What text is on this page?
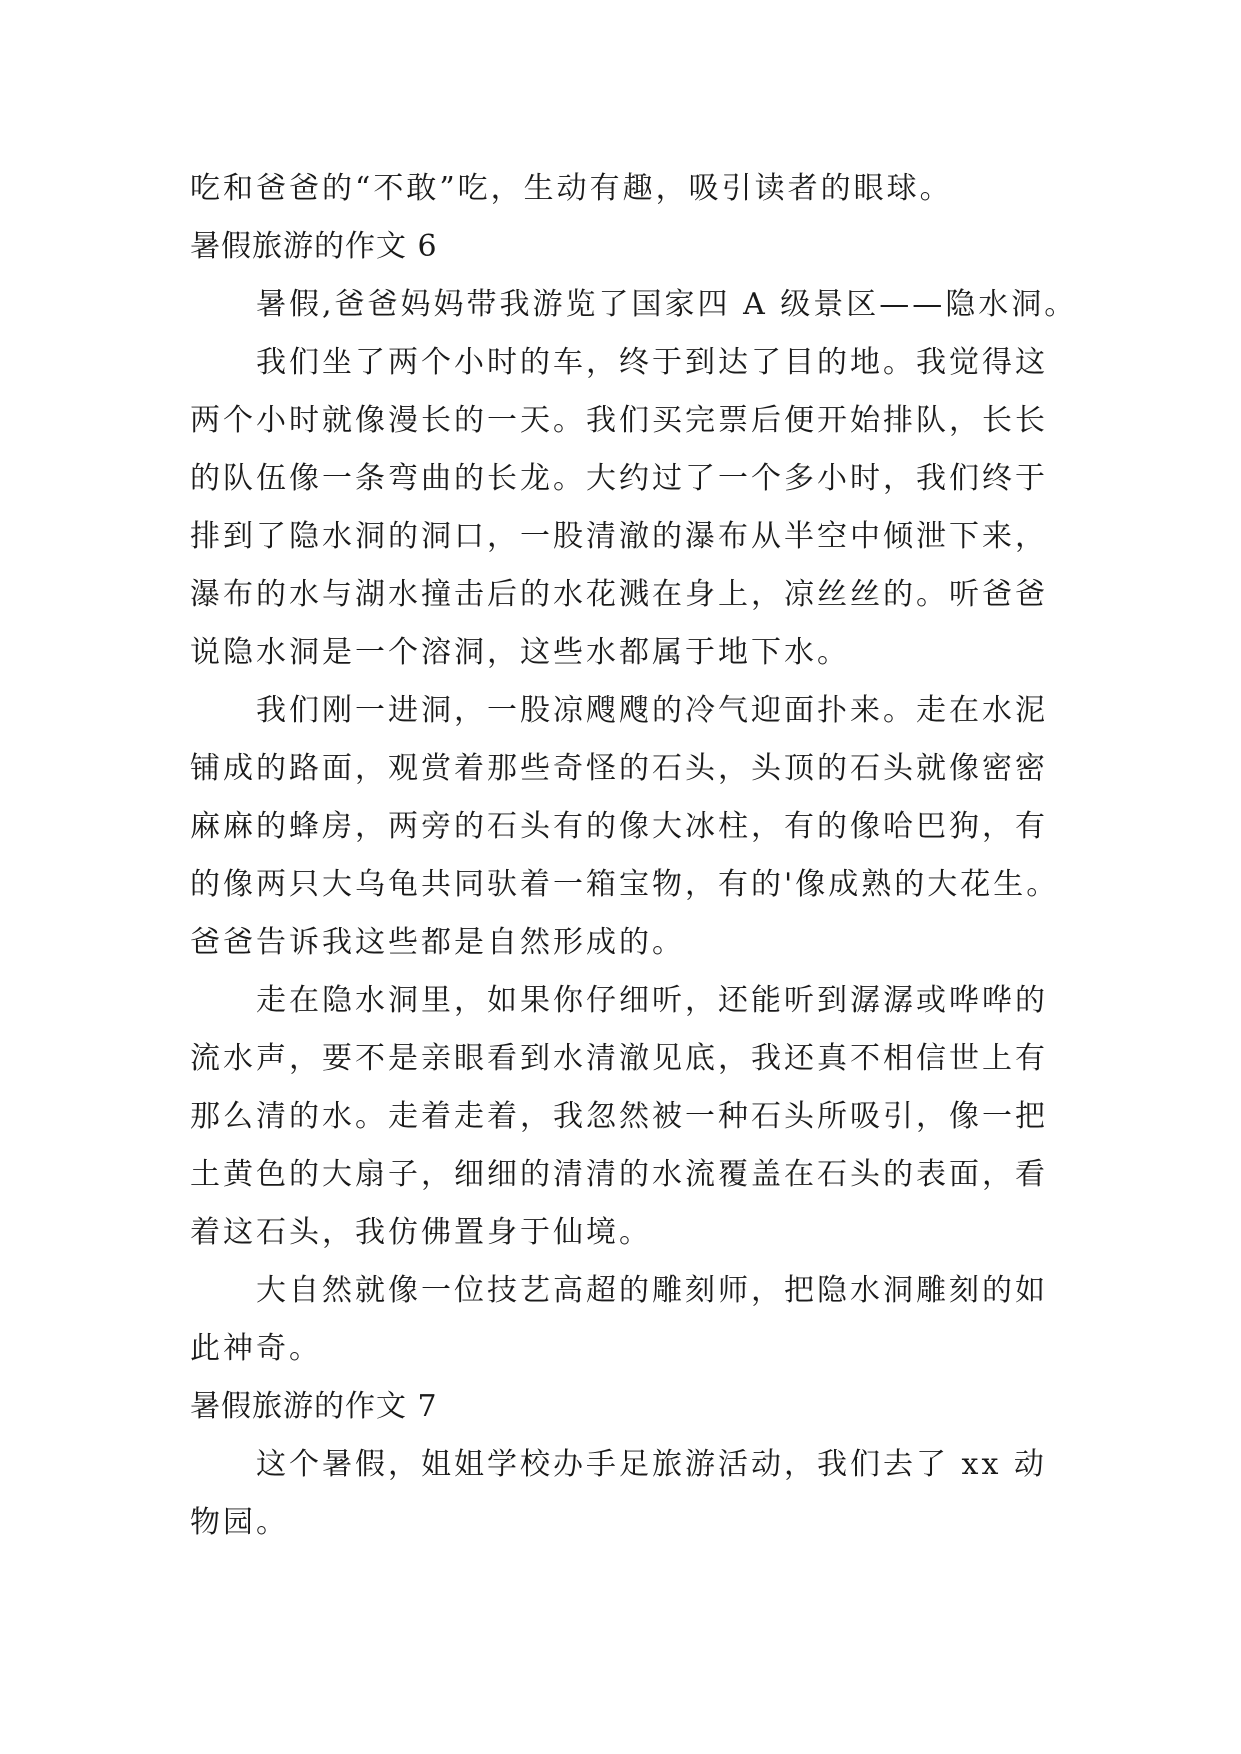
吃和爸爸的“不敢”吃，生动有趣，吸引读者的眼球。
暑假旅游的作文 6
暑假,爸爸妈妈带我游览了国家四 A 级景区——隐水洞。
我们坐了两个小时的车，终于到达了目的地。我觉得这
两个小时就像漫长的一天。我们买完票后便开始排队，长长
的队伍像一条弯曲的长龙。大约过了一个多小时，我们终于
排到了隐水洞的洞口，一股清澈的瀑布从半空中倾泄下来，
瀑布的水与湖水撞击后的水花溅在身上，凉丝丝的。听爸爸
说隐水洞是一个溶洞，这些水都属于地下水。
我们刚一进洞，一股凉飕飕的冷气迎面扑来。走在水泥
铺成的路面，观赏着那些奇怪的石头，头顶的石头就像密密
麻麻的蜂房，两旁的石头有的像大冰柱，有的像哈巴狗，有
的像两只大乌龟共同驮着一箱宝物，有的'像成熟的大花生。
爸爸告诉我这些都是自然形成的。
走在隐水洞里，如果你仔细听，还能听到潺潺或哗哗的
流水声，要不是亲眼看到水清澈见底，我还真不相信世上有
那么清的水。走着走着，我忽然被一种石头所吸引，像一把
土黄色的大扇子，细细的清清的水流覆盖在石头的表面，看
着这石头，我仿佛置身于仙境。
大自然就像一位技艺高超的雕刻师，把隐水洞雕刻的如
此神奇。
暑假旅游的作文 7
这个暑假，姐姐学校办手足旅游活动，我们去了 xx 动
物园。
